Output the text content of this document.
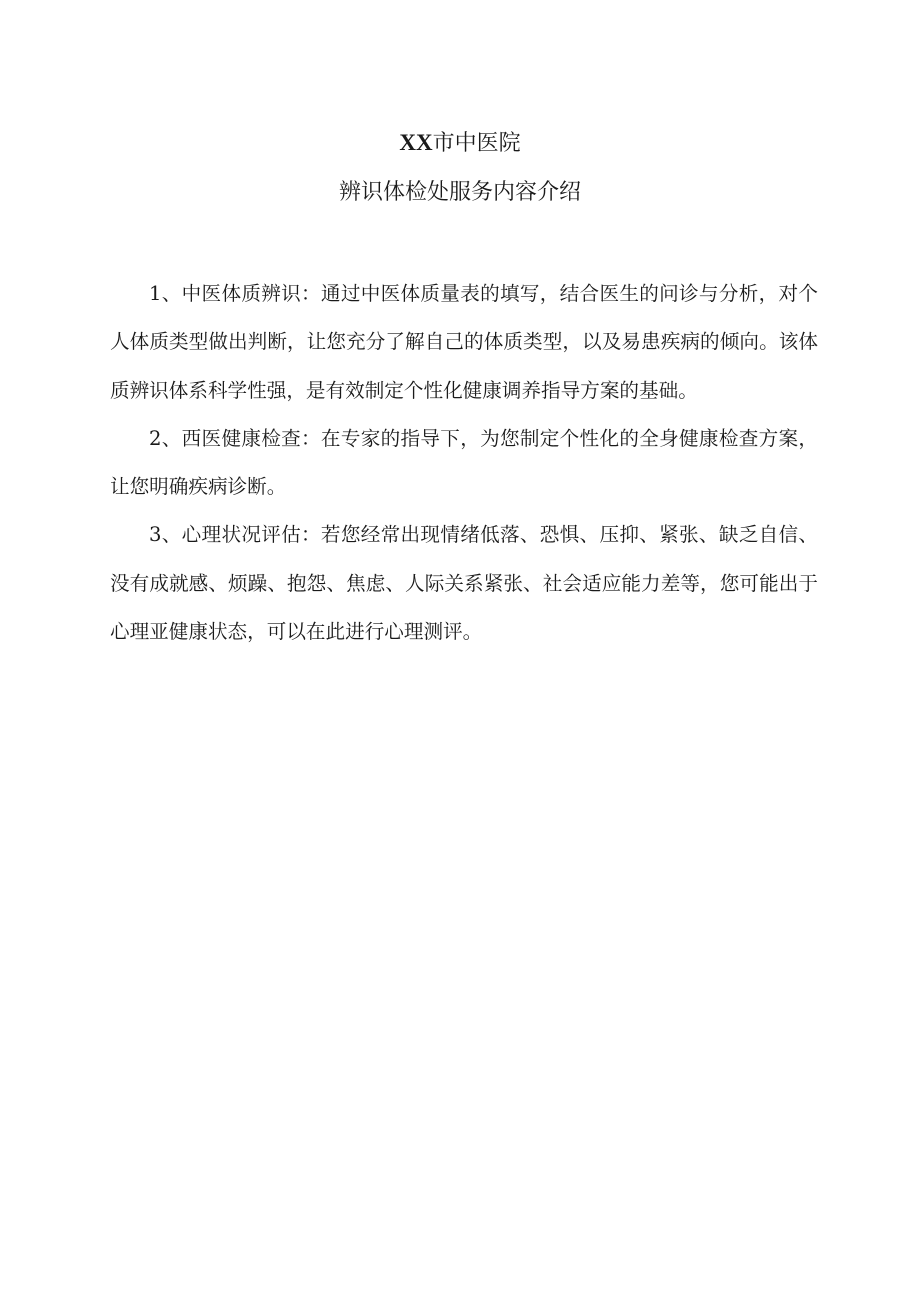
XX市中医院
辨识体检处服务内容介绍

1、中医体质辨识：通过中医体质量表的填写，结合医生的问诊与分析，对个人体质类型做出判断，让您充分了解自己的体质类型，以及易患疾病的倾向。该体质辨识体系科学性强，是有效制定个性化健康调养指导方案的基础。

2、西医健康检查：在专家的指导下，为您制定个性化的全身健康检查方案，让您明确疾病诊断。

3、心理状况评估：若您经常出现情绪低落、恐惧、压抑、紧张、缺乏自信、没有成就感、烦躁、抱怨、焦虑、人际关系紧张、社会适应能力差等，您可能出于心理亚健康状态，可以在此进行心理测评。
